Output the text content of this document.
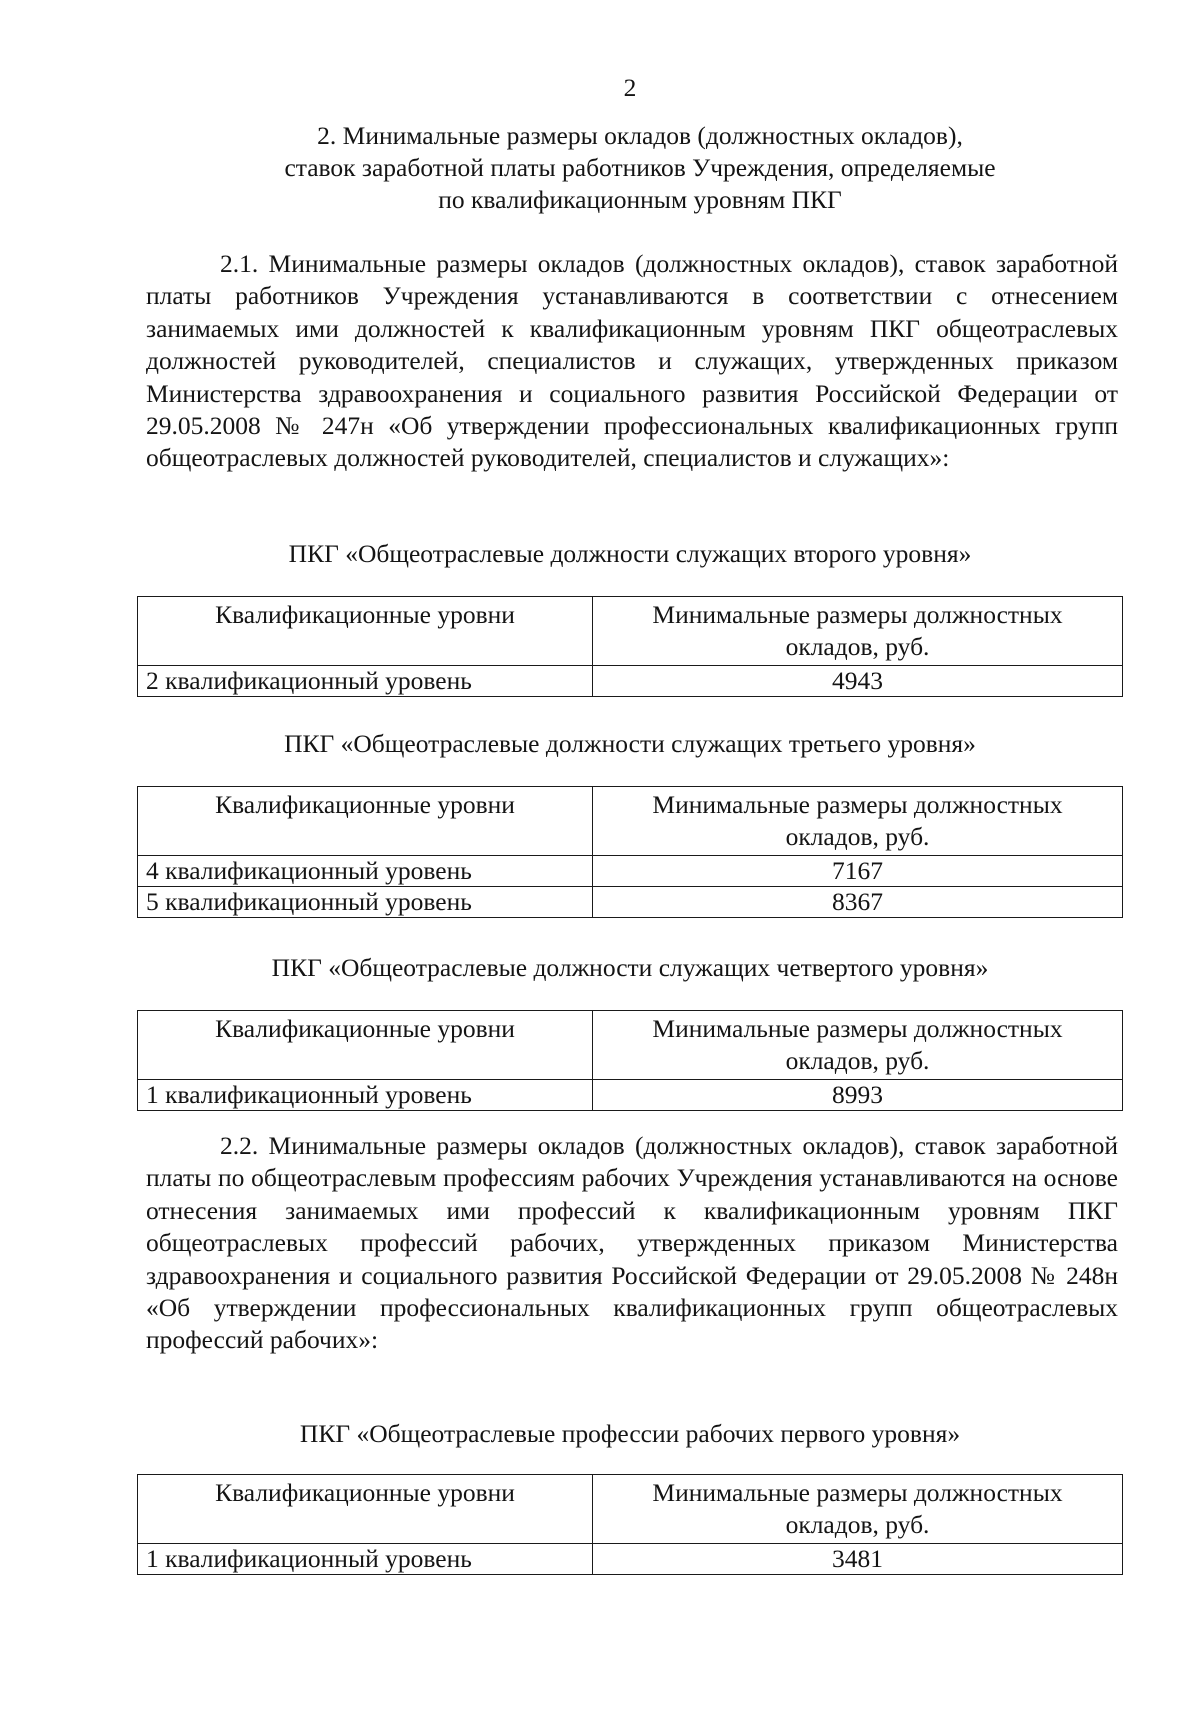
2
2. Минимальные размеры окладов (должностных окладов),
ставок заработной платы работников Учреждения, определяемые
по квалификационным уровням ПКГ

2.1. Минимальные размеры окладов (должностных окладов), ставок заработной платы работников Учреждения устанавливаются в соответствии с отнесением занимаемых ими должностей к квалификационным уровням ПКГ общеотраслевых должностей руководителей, специалистов и служащих, утвержденных приказом Министерства здравоохранения и социального развития Российской Федерации от 29.05.2008 № 247н «Об утверждении профессиональных квалификационных групп общеотраслевых должностей руководителей, специалистов и служащих»:

ПКГ «Общеотраслевые должности служащих второго уровня»
Квалификационные уровни	Минимальные размеры должностных
окладов, руб.

2 квалификационный уровень	4943
ПКГ «Общеотраслевые должности служащих третьего уровня»
Квалификационные уровни	Минимальные размеры должностных
окладов, руб.

4 квалификационный уровень	7167
5 квалификационный уровень	8367
ПКГ «Общеотраслевые должности служащих четвертого уровня»
Квалификационные уровни	Минимальные размеры должностных
окладов, руб.

1 квалификационный уровень	8993

2.2. Минимальные размеры окладов (должностных окладов), ставок заработной платы по общеотраслевым профессиям рабочих Учреждения устанавливаются на основе отнесения занимаемых ими профессий к квалификационным уровням ПКГ общеотраслевых профессий рабочих, утвержденных приказом Министерства здравоохранения и социального развития Российской Федерации от 29.05.2008 № 248н «Об утверждении профессиональных квалификационных групп общеотраслевых профессий рабочих»:

ПКГ «Общеотраслевые профессии рабочих первого уровня»
Квалификационные уровни	Минимальные размеры должностных
окладов, руб.

1 квалификационный уровень	3481
